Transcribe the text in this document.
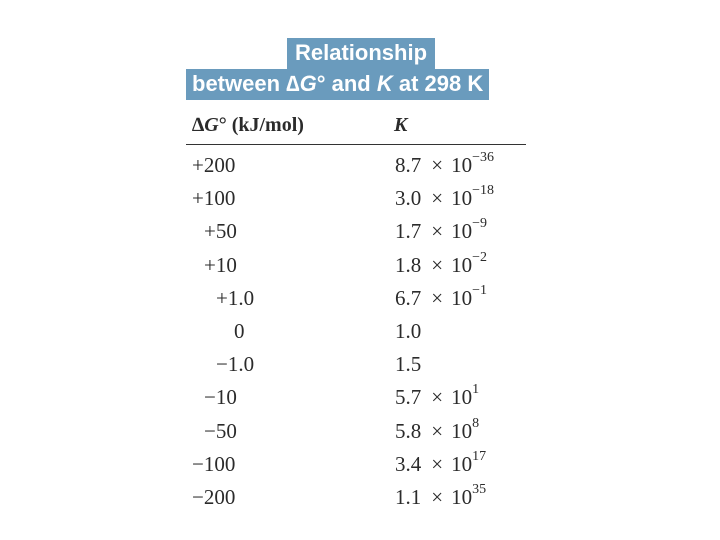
Relationship
between ∆G° and K at 298 K
∆G° (kJ/mol)	K
+200	$8.7 \times 10^{-36}$
+100	$3.0 \times 10^{-18}$
+50	$1.7 \times 10^{-9}$
+10	$1.8 \times 10^{-2}$
+1.0	$6.7 \times 10^{-1}$
0	1.0
−1.0	1.5
−10	$5.7 \times 10^1$
−50	$5.8 \times 10^8$
−100	$3.4 \times 10^{17}$
−200	$1.1 \times 10^{35}$
